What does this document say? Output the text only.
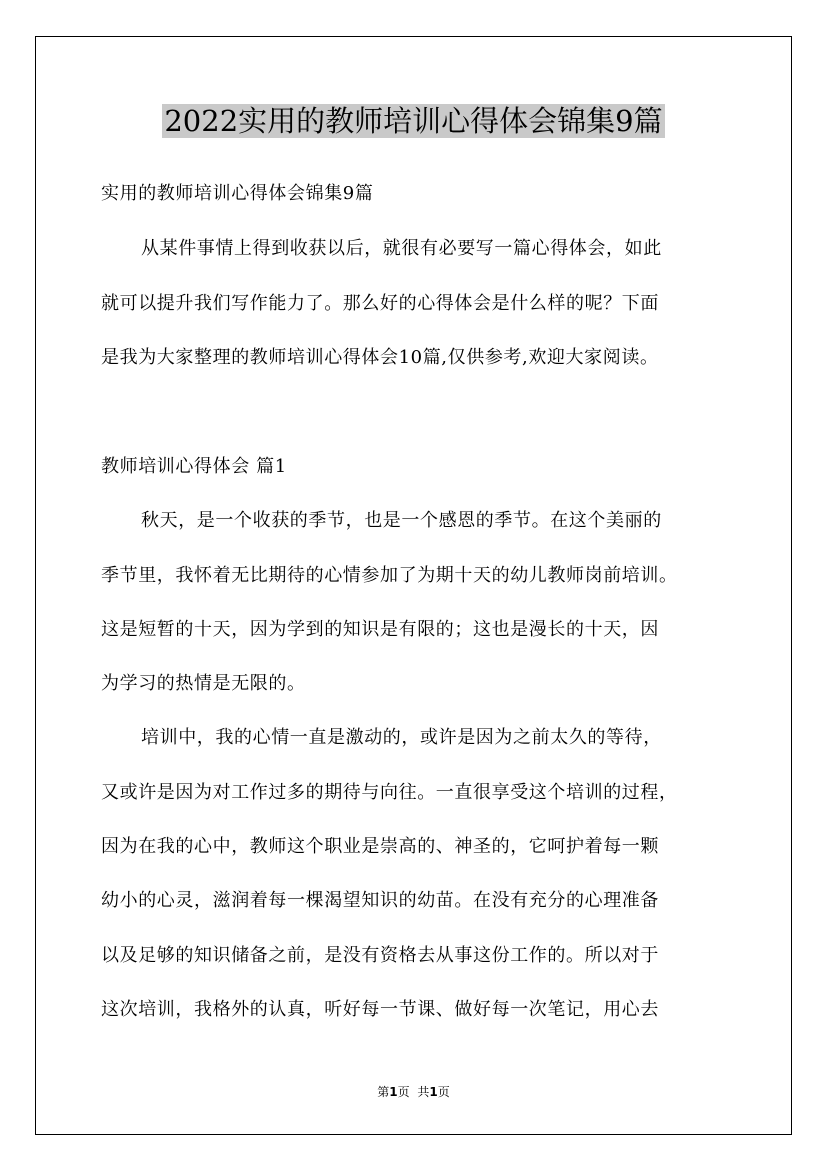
2022实用的教师培训心得体会锦集9篇
实用的教师培训心得体会锦集9篇
从某件事情上得到收获以后，就很有必要写一篇心得体会，如此
就可以提升我们写作能力了。那么好的心得体会是什么样的呢？下面
是我为大家整理的教师培训心得体会10篇,仅供参考,欢迎大家阅读。
教师培训心得体会 篇1
秋天，是一个收获的季节，也是一个感恩的季节。在这个美丽的
季节里，我怀着无比期待的心情参加了为期十天的幼儿教师岗前培训。
这是短暂的十天，因为学到的知识是有限的；这也是漫长的十天，因
为学习的热情是无限的。
培训中，我的心情一直是激动的，或许是因为之前太久的等待，
又或许是因为对工作过多的期待与向往。一直很享受这个培训的过程，
因为在我的心中，教师这个职业是崇高的、神圣的，它呵护着每一颗
幼小的心灵，滋润着每一棵渴望知识的幼苗。在没有充分的心理准备
以及足够的知识储备之前，是没有资格去从事这份工作的。所以对于
这次培训，我格外的认真，听好每一节课、做好每一次笔记，用心去
第1页 共1页
